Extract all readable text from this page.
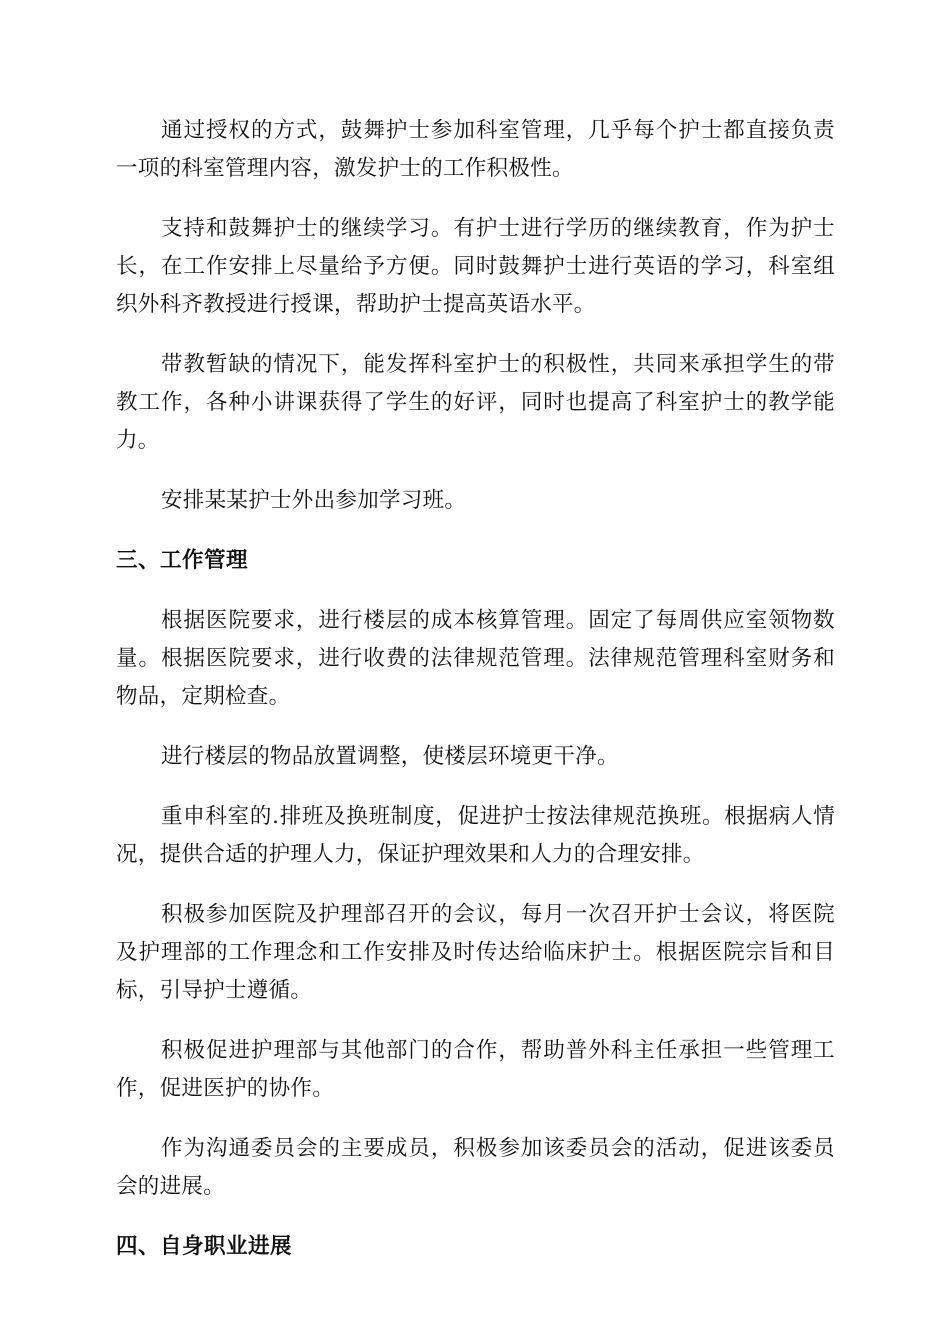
通过授权的方式，鼓舞护士参加科室管理，几乎每个护士都直接负责一项的科室管理内容，激发护士的工作积极性。

支持和鼓舞护士的继续学习。有护士进行学历的继续教育，作为护士长，在工作安排上尽量给予方便。同时鼓舞护士进行英语的学习，科室组织外科齐教授进行授课，帮助护士提高英语水平。

带教暂缺的情况下，能发挥科室护士的积极性，共同来承担学生的带教工作，各种小讲课获得了学生的好评，同时也提高了科室护士的教学能力。

安排某某护士外出参加学习班。

三、工作管理

根据医院要求，进行楼层的成本核算管理。固定了每周供应室领物数量。根据医院要求，进行收费的法律规范管理。法律规范管理科室财务和物品，定期检查。

进行楼层的物品放置调整，使楼层环境更干净。

重申科室的.排班及换班制度，促进护士按法律规范换班。根据病人情况，提供合适的护理人力，保证护理效果和人力的合理安排。

积极参加医院及护理部召开的会议，每月一次召开护士会议，将医院及护理部的工作理念和工作安排及时传达给临床护士。根据医院宗旨和目标，引导护士遵循。

积极促进护理部与其他部门的合作，帮助普外科主任承担一些管理工作，促进医护的协作。

作为沟通委员会的主要成员，积极参加该委员会的活动，促进该委员会的进展。

四、自身职业进展
